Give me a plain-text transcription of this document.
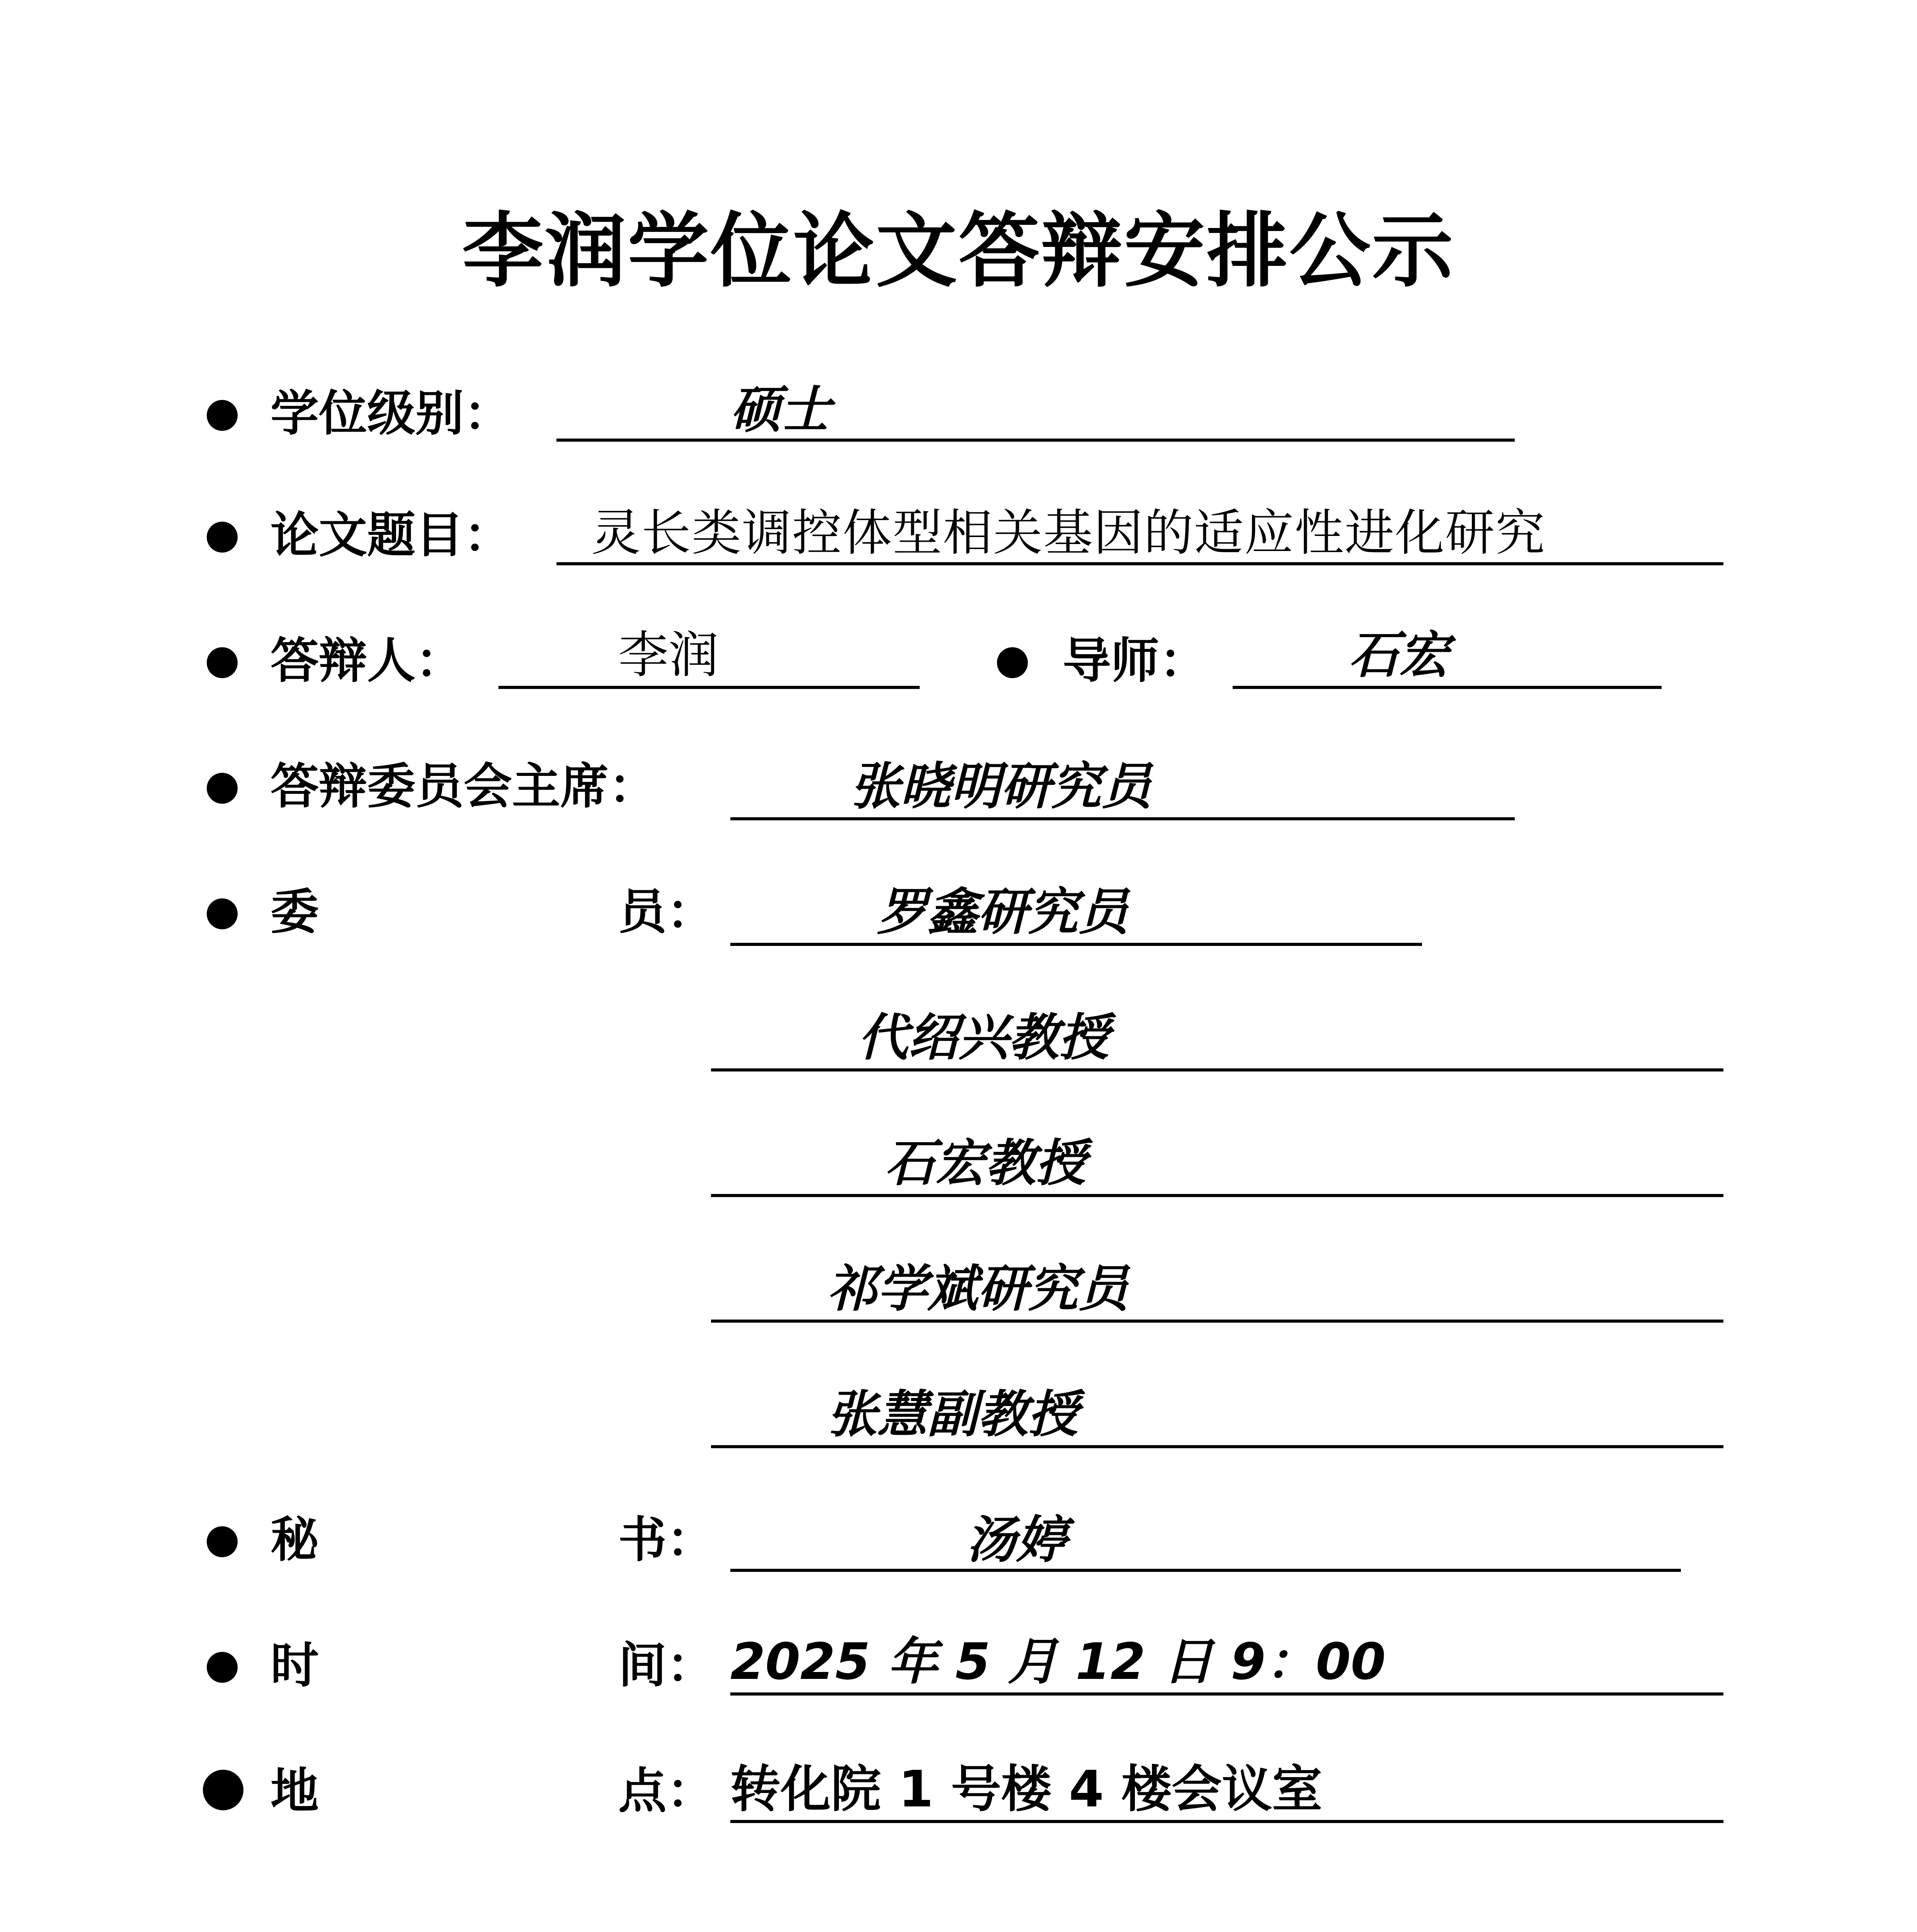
李润学位论文答辩安排公示
学位级别：	硕士
论文题目： 灵长类调控体型相关基因的适应性进化研究
答辩人：	李润	导师：	石宏
答辩委员会主席：	张晓明研究员
委	员：	罗鑫研究员
代绍兴教授
石宏教授
祁学斌研究员
张慧副教授
秘	书：	汤婷
时	间： 2025 年 5 月 12 日 9：00
地	点： 转化院 1 号楼 4 楼会议室
